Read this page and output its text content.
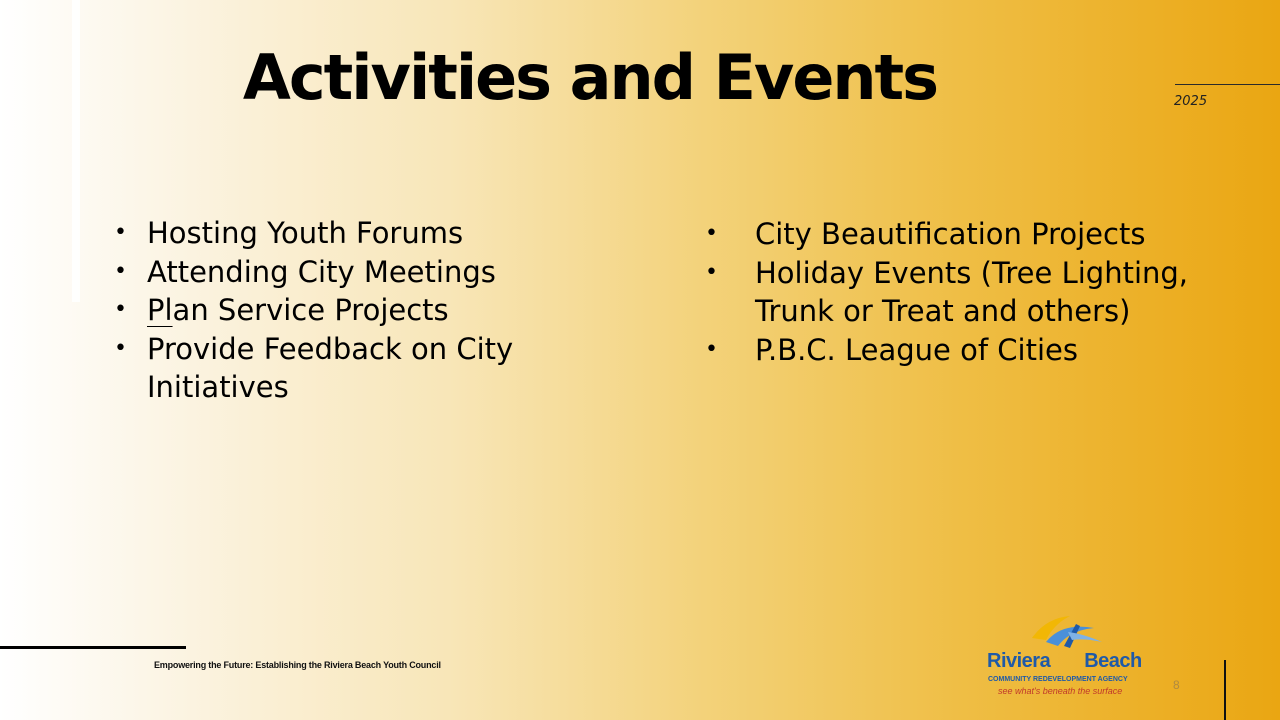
Activities and Events	2025
• Hosting Youth Forums
• Attending City Meetings
• Plan Service Projects
• Provide Feedback on City Initiatives
• City Beautification Projects
• Holiday Events (Tree Lighting, Trunk or Treat and others)
• P.B.C. League of Cities
Empowering the Future: Establishing the Riviera Beach Youth Council	Riviera Beach
COMMUNITY REDEVELOPMENT AGENCY
see what's beneath the surface	8
